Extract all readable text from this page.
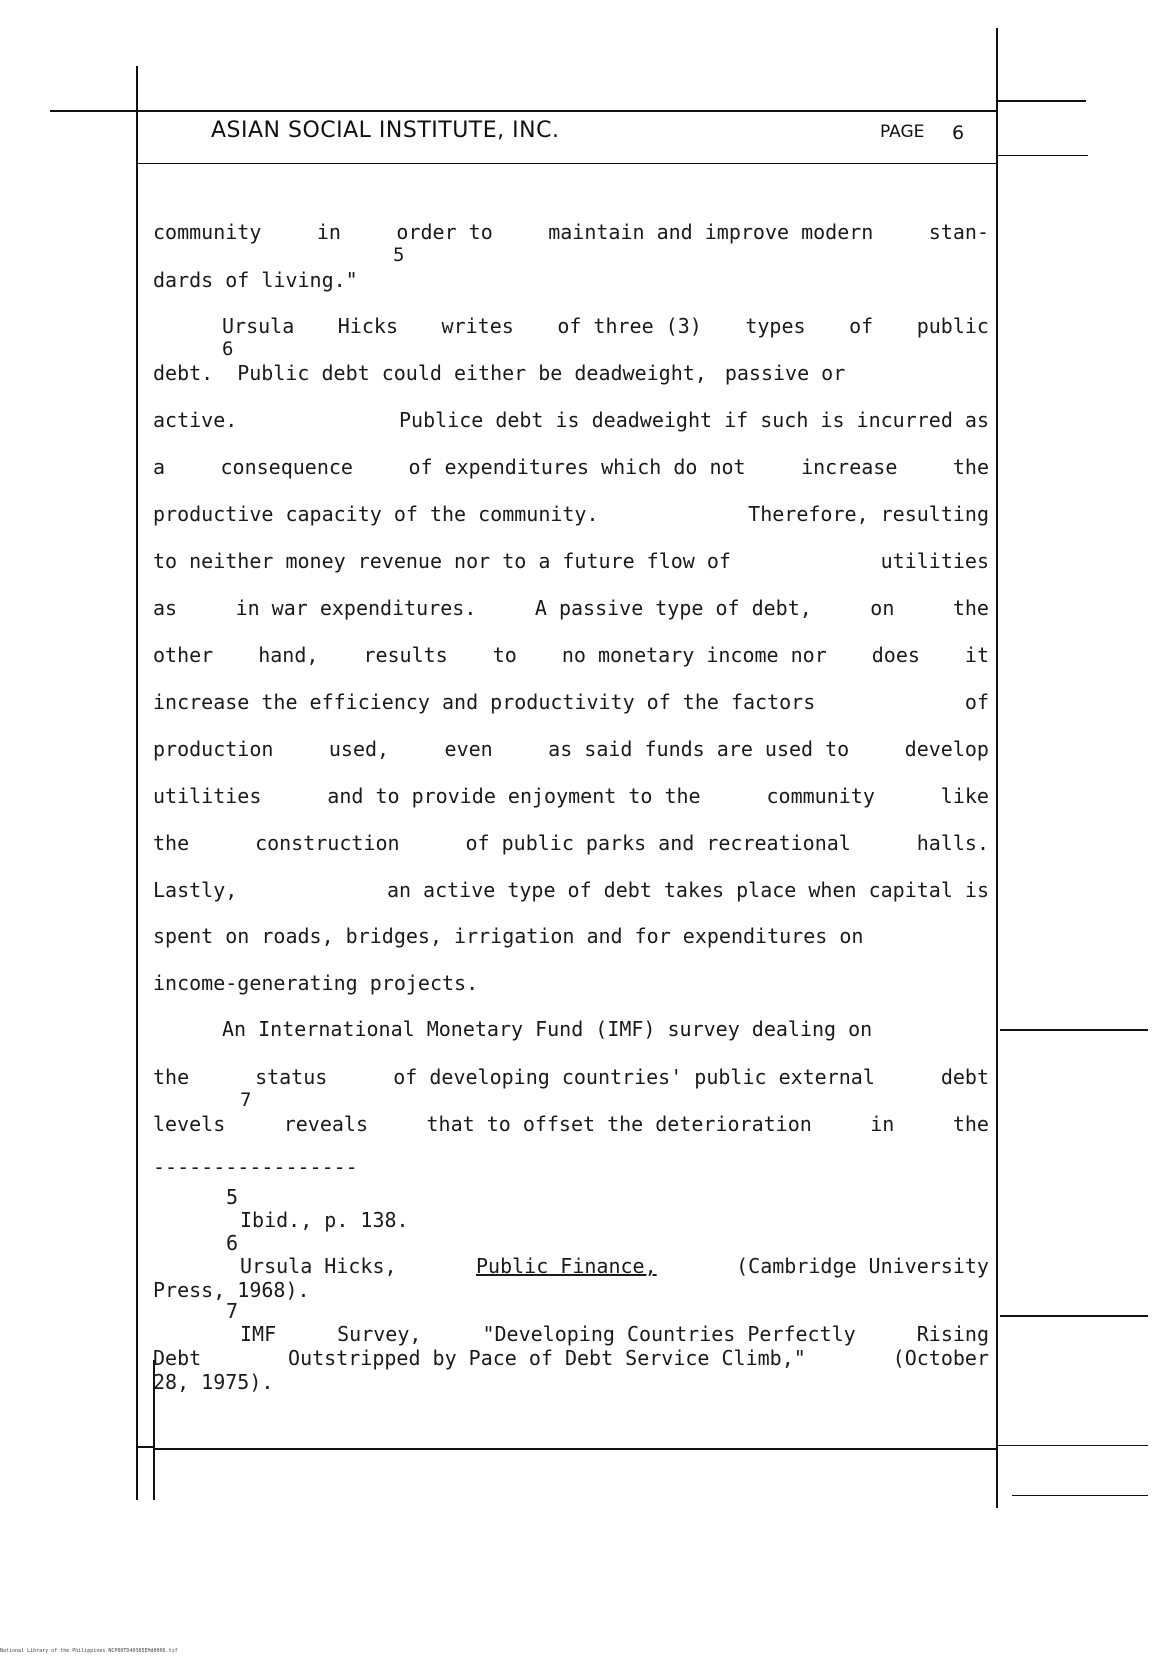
ASIAN SOCIAL INSTITUTE, INC.	PAGE 6
community	in	order to	maintain and improve modern	stan-
5
dards of living."
Ursula Hicks writes of three (3) types of public
6
debt. Public debt could either be deadweight, passive or
active.	Publice debt is deadweight if such is incurred as
a	consequence	of expenditures which do not	increase	the
productive capacity of the community.	Therefore, resulting
to neither money revenue nor to a future flow of	utilities
as	in war expenditures.	A passive type of debt,	on	the
other hand, results to no monetary income nor does it
increase the efficiency and productivity of the factors	of
production	used,	even	as said funds are used to	develop
utilities	and to provide enjoyment to the	community	like
the	construction	of public parks and recreational	halls.
Lastly,	an active type of debt takes place when capital is
spent on roads, bridges, irrigation and for expenditures on
income-generating projects.
An International Monetary Fund (IMF) survey dealing on
the	status	of developing countries' public external	debt
7
levels	reveals	that to offset the deterioration	in	the
-----------------
5
Ibid., p. 138.
6
Ursula Hicks,	Public Finance,	(Cambridge University
Press, 1968).
7
IMF	Survey,	"Developing Countries Perfectly	Rising
Debt	Outstripped by Pace of Debt Service Climb,"	(October
28, 1975).
National Library of the Philippines NCP00TD40385EHd0006.tif
